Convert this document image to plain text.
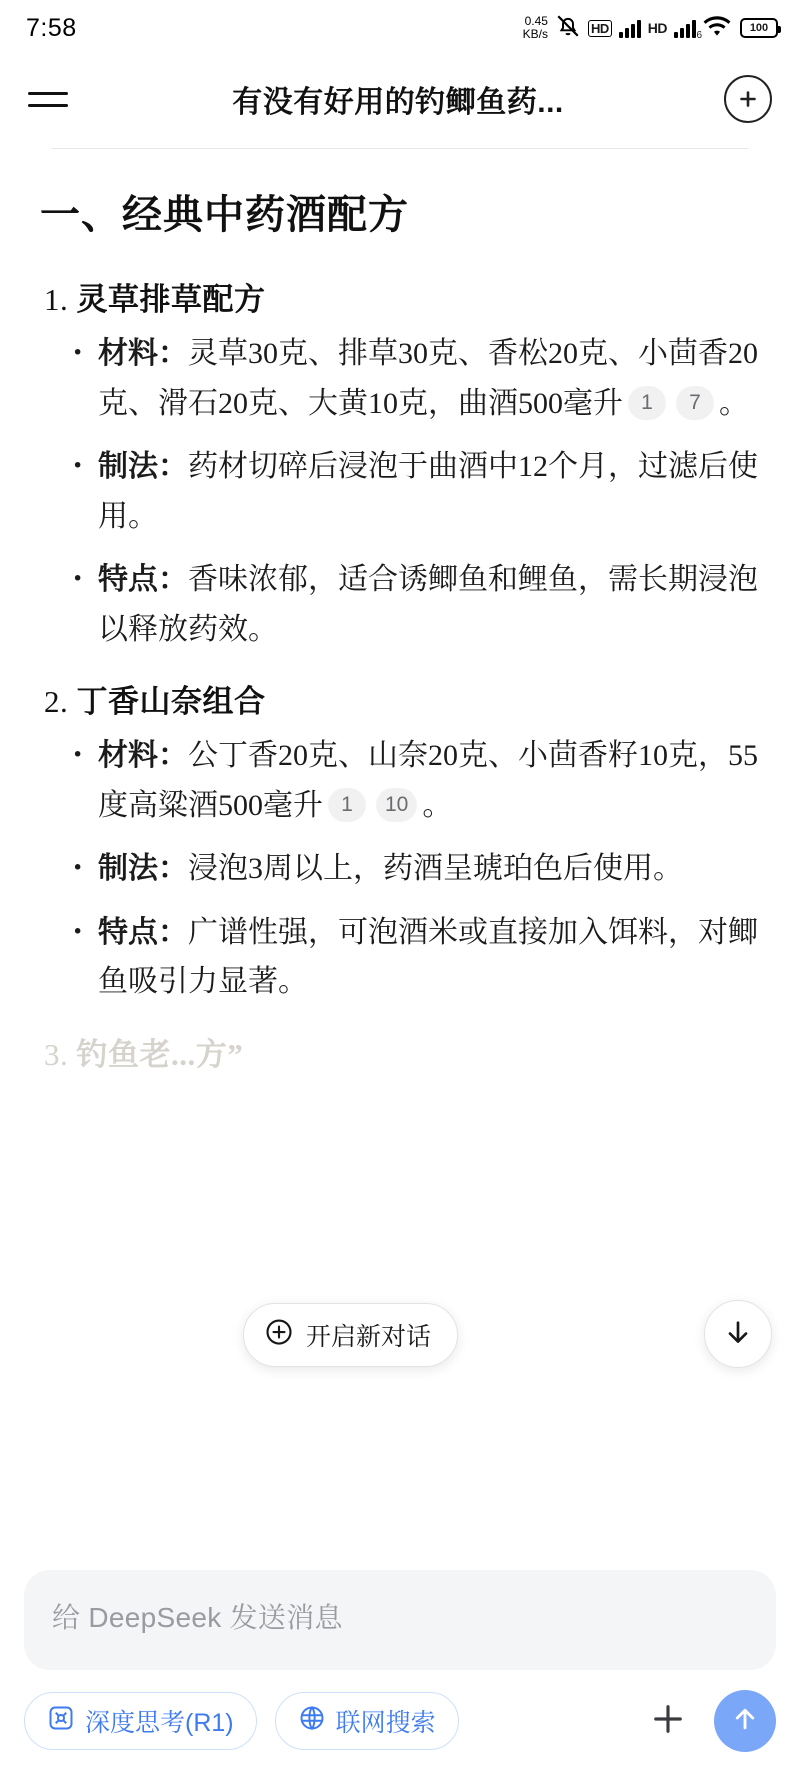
7:58	0.45
KB/s	HD	HD	$_6$
100
有没有好用的钓鲫鱼药...
一、经典中药酒配方
1. 灵草排草配方
· 材料：灵草30克、排草30克、香松20克、小茴香20克、滑石20克、大黄10克，曲酒500毫升 1 7 。
· 制法：药材切碎后浸泡于曲酒中12个月，过滤后使用。
· 特点：香味浓郁，适合诱鲫鱼和鲤鱼，需长期浸泡以释放药效。
2. 丁香山奈组合
· 材料：公丁香20克、山奈20克、小茴香籽10克，55度高粱酒500毫升 1 10 。
· 制法：浸泡3周以上，药酒呈琥珀色后使用。
· 特点：广谱性强，可泡酒米或直接加入饵料，对鲫鱼吸引力显著。
3. 钓鱼老...方”
开启新对话
给 DeepSeek 发送消息
深度思考(R1)	联网搜索
